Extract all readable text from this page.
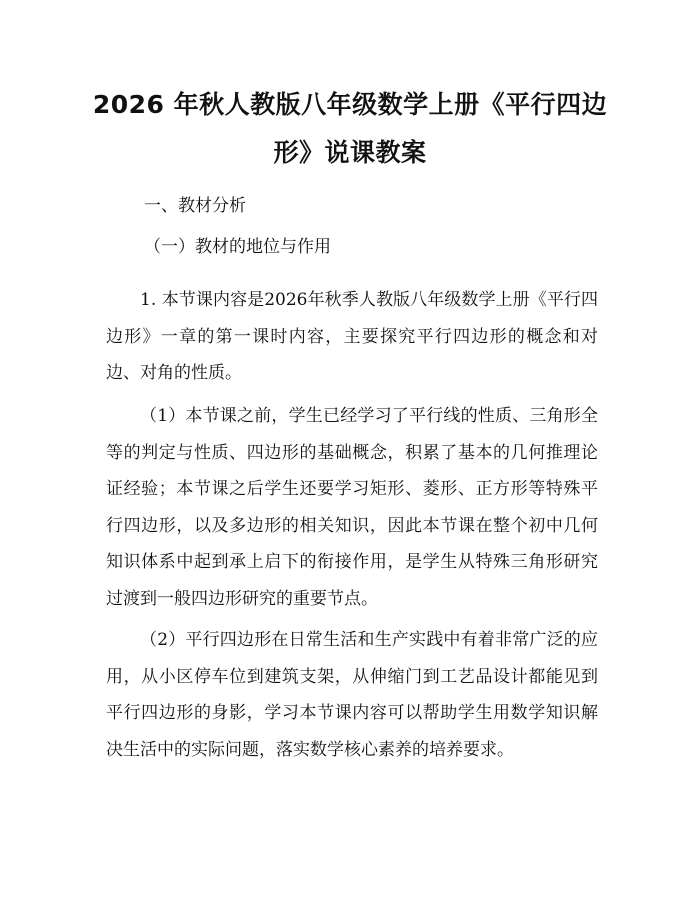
2026 年秋人教版八年级数学上册《平行四边
形》说课教案

一、教材分析

（一）教材的地位与作用

1. 本节课内容是2026年秋季人教版八年级数学上册《平行四边形》一章的第一课时内容，主要探究平行四边形的概念和对边、对角的性质。

（1）本节课之前，学生已经学习了平行线的性质、三角形全等的判定与性质、四边形的基础概念，积累了基本的几何推理论证经验；本节课之后学生还要学习矩形、菱形、正方形等特殊平行四边形，以及多边形的相关知识，因此本节课在整个初中几何知识体系中起到承上启下的衔接作用，是学生从特殊三角形研究过渡到一般四边形研究的重要节点。

（2）平行四边形在日常生活和生产实践中有着非常广泛的应用，从小区停车位到建筑支架，从伸缩门到工艺品设计都能见到平行四边形的身影，学习本节课内容可以帮助学生用数学知识解决生活中的实际问题，落实数学核心素养的培养要求。
